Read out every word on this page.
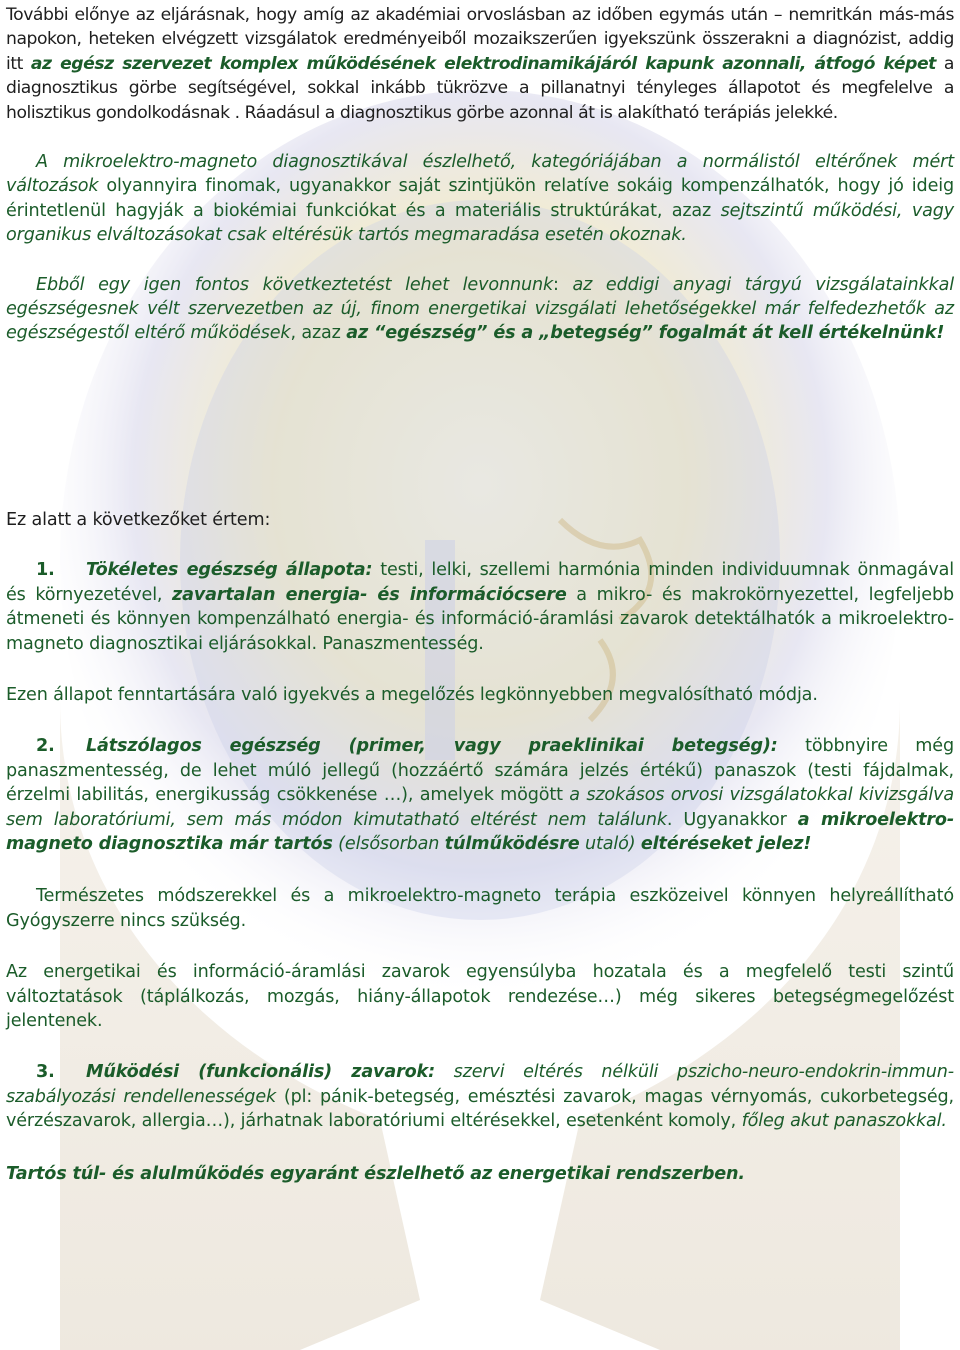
További előnye az eljárásnak, hogy amíg az akadémiai orvoslásban az időben egymás után – nemritkán más-más napokon, heteken elvégzett vizsgálatok eredményeiből mozaikszerűen igyekszünk összerakni a diagnózist, addig itt az egész szervezet komplex működésének elektrodinamikájáról kapunk azonnali, átfogó képet a diagnosztikus görbe segítségével, sokkal inkább tükrözve a pillanatnyi tényleges állapotot és megfelelve a holisztikus gondolkodásnak . Ráadásul a diagnosztikus görbe azonnal át is alakítható terápiás jelekké.

A mikroelektro-magneto diagnosztikával észlelhető, kategóriájában a normálistól eltérőnek mért változások olyannyira finomak, ugyanakkor saját szintjükön relatíve sokáig kompenzálhatók, hogy jó ideig érintetlenül hagyják a biokémiai funkciókat és a materiális struktúrákat, azaz sejtszintű működési, vagy organikus elváltozásokat csak eltérésük tartós megmaradása esetén okoznak.

Ebből egy igen fontos következtetést lehet levonnunk: az eddigi anyagi tárgyú vizsgálatainkkal egészségesnek vélt szervezetben az új, finom energetikai vizsgálati lehetőségekkel már felfedezhetők az egészségestől eltérő működések, azaz az “egészség” és a „betegség” fogalmát át kell értékelnünk!

Ez alatt a következőket értem:

1. Tökéletes egészség állapota: testi, lelki, szellemi harmónia minden individuumnak önmagával és környezetével, zavartalan energia- és információcsere a mikro- és makrokörnyezettel, legfeljebb átmeneti és könnyen kompenzálható energia- és információ-áramlási zavarok detektálhatók a mikroelektro-magneto diagnosztikai eljárásokkal. Panaszmentesség.

Ezen állapot fenntartására való igyekvés a megelőzés legkönnyebben megvalósítható módja.

2. Látszólagos egészség (primer, vagy praeklinikai betegség): többnyire még panaszmentesség, de lehet múló jellegű (hozzáértő számára jelzés értékű) panaszok (testi fájdalmak, érzelmi labilitás, energikusság csökkenése …), amelyek mögött a szokásos orvosi vizsgálatokkal kivizsgálva sem laboratóriumi, sem más módon kimutatható eltérést nem találunk. Ugyanakkor a mikroelektro-magneto diagnosztika már tartós (elsősorban túlműködésre utaló) eltéréseket jelez!

Természetes módszerekkel és a mikroelektro-magneto terápia eszközeivel könnyen helyreállítható Gyógyszerre nincs szükség.

Az energetikai és információ-áramlási zavarok egyensúlyba hozatala és a megfelelő testi szintű változtatások (táplálkozás, mozgás, hiány-állapotok rendezése…) még sikeres betegségmegelőzést jelentenek.

3. Működési (funkcionális) zavarok: szervi eltérés nélküli pszicho-neuro-endokrin-immun-szabályozási rendellenességek (pl: pánik-betegség, emésztési zavarok, magas vérnyomás, cukorbetegség, vérzészavarok, allergia…), járhatnak laboratóriumi eltérésekkel, esetenként komoly, főleg akut panaszokkal.

Tartós túl- és alulműködés egyaránt észlelhető az energetikai rendszerben.
